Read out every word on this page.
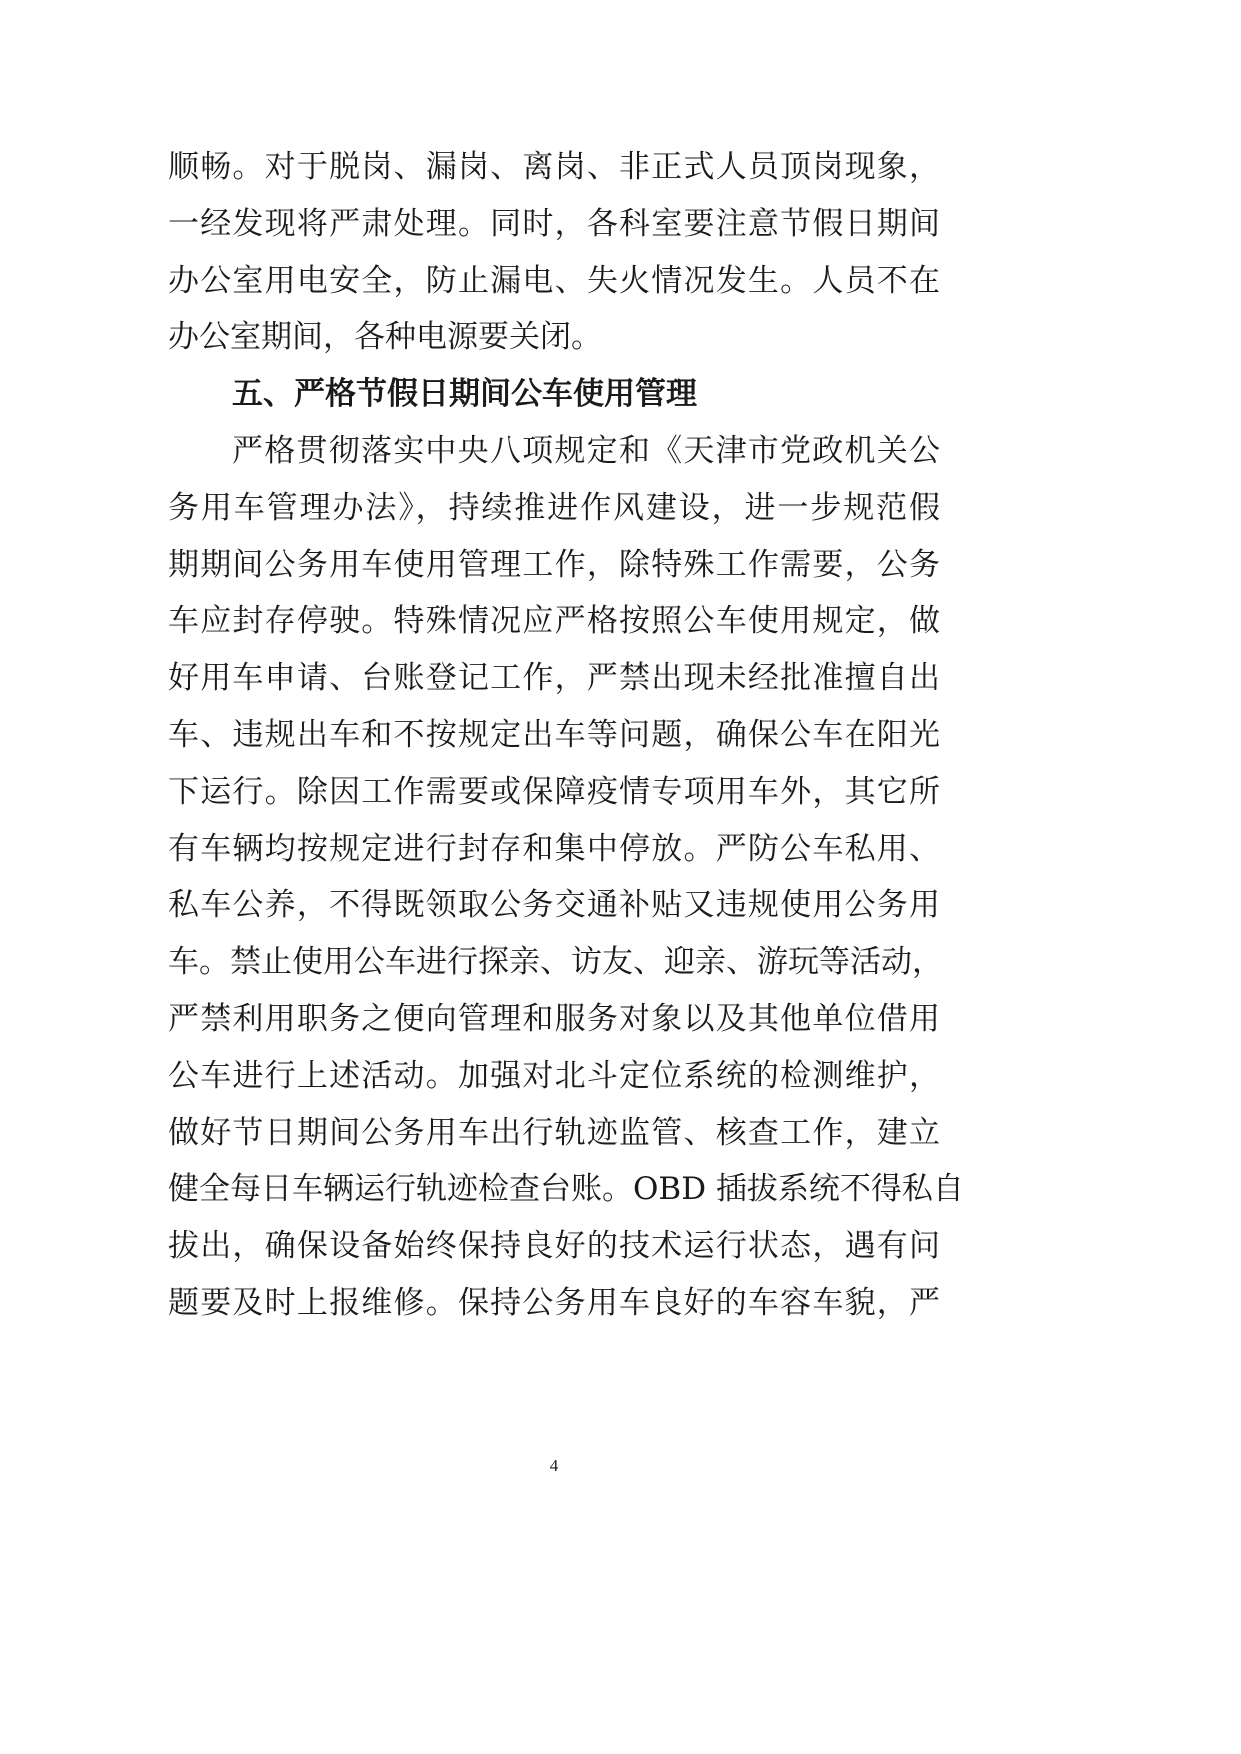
顺畅。对于脱岗、漏岗、离岗、非正式人员顶岗现象，
一经发现将严肃处理。同时，各科室要注意节假日期间
办公室用电安全，防止漏电、失火情况发生。人员不在
办公室期间，各种电源要关闭。
五、严格节假日期间公车使用管理
严格贯彻落实中央八项规定和《天津市党政机关公
务用车管理办法》，持续推进作风建设，进一步规范假
期期间公务用车使用管理工作，除特殊工作需要，公务
车应封存停驶。特殊情况应严格按照公车使用规定，做
好用车申请、台账登记工作，严禁出现未经批准擅自出
车、违规出车和不按规定出车等问题，确保公车在阳光
下运行。除因工作需要或保障疫情专项用车外，其它所
有车辆均按规定进行封存和集中停放。严防公车私用、
私车公养，不得既领取公务交通补贴又违规使用公务用
车。禁止使用公车进行探亲、访友、迎亲、游玩等活动，
严禁利用职务之便向管理和服务对象以及其他单位借用
公车进行上述活动。加强对北斗定位系统的检测维护，
做好节日期间公务用车出行轨迹监管、核查工作，建立
健全每日车辆运行轨迹检查台账。OBD 插拔系统不得私自
拔出，确保设备始终保持良好的技术运行状态，遇有问
题要及时上报维修。保持公务用车良好的车容车貌，严
4
